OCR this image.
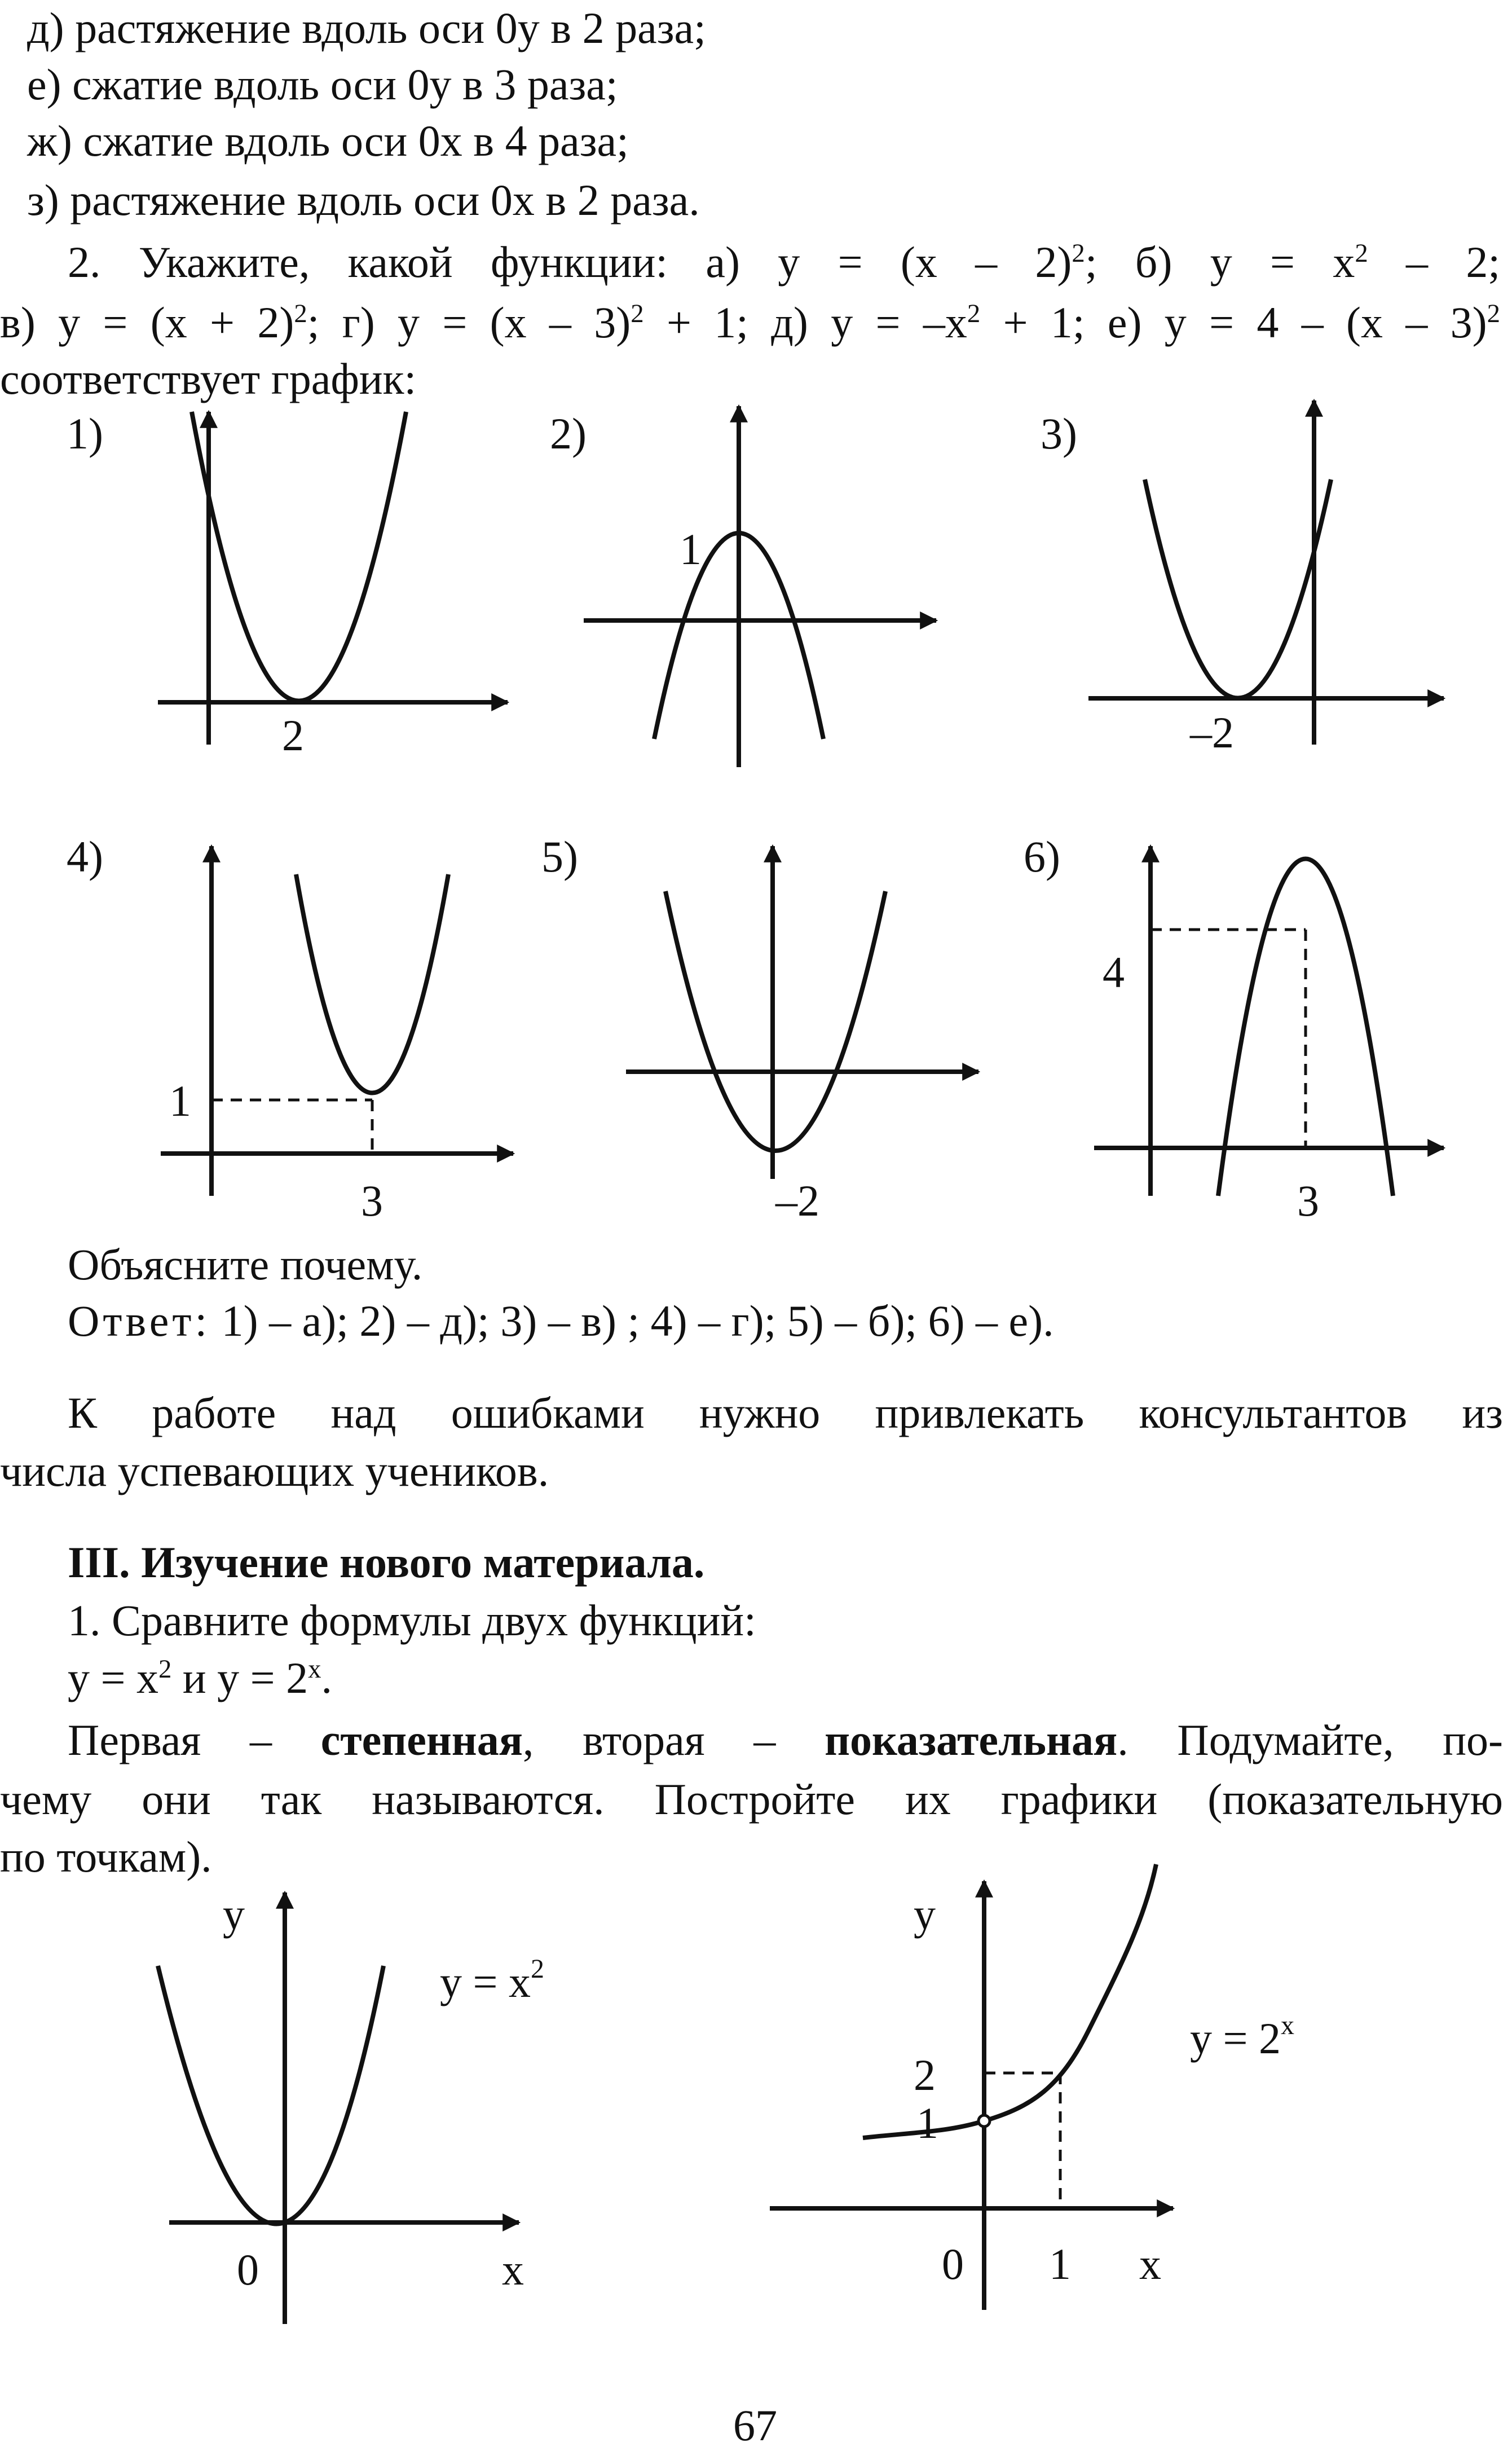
д) растяжение вдоль оси 0y в 2 раза;
е) сжатие вдоль оси 0y в 3 раза;
ж) сжатие вдоль оси 0x в 4 раза;
з) растяжение вдоль оси 0x в 2 раза.
2. Укажите, какой функции: а) y = (x – 2)$^2$; б) $y = x^2 - 2$;
в) $y = (x + 2)^2$; г) y = (x – 3)$^2$ + 1; д) $y = -x^2 + 1$; е) y = 4 – (x – 3)$^2$
соответствует график:
1)
2
2)
1
3)
–2
4)
1
3
5)
–2
6)
4
3
Объясните почему.
Ответ: 1) – а); 2) – д); 3) – в) ; 4) – г); 5) – б); 6) – е).
К работе над ошибками нужно привлекать консультантов из
числа успевающих учеников.
III. Изучение нового материала.
1. Сравните формулы двух функций:
$y = x^2$ и $y = 2^x$.
Первая – степенная, вторая – показательная. Подумайте, по-
чему они так называются. Постройте их графики (показательную
по точкам).
y
0	x
$y = x^2$
y
2
1
0 1 x
$y = 2^x$
67
